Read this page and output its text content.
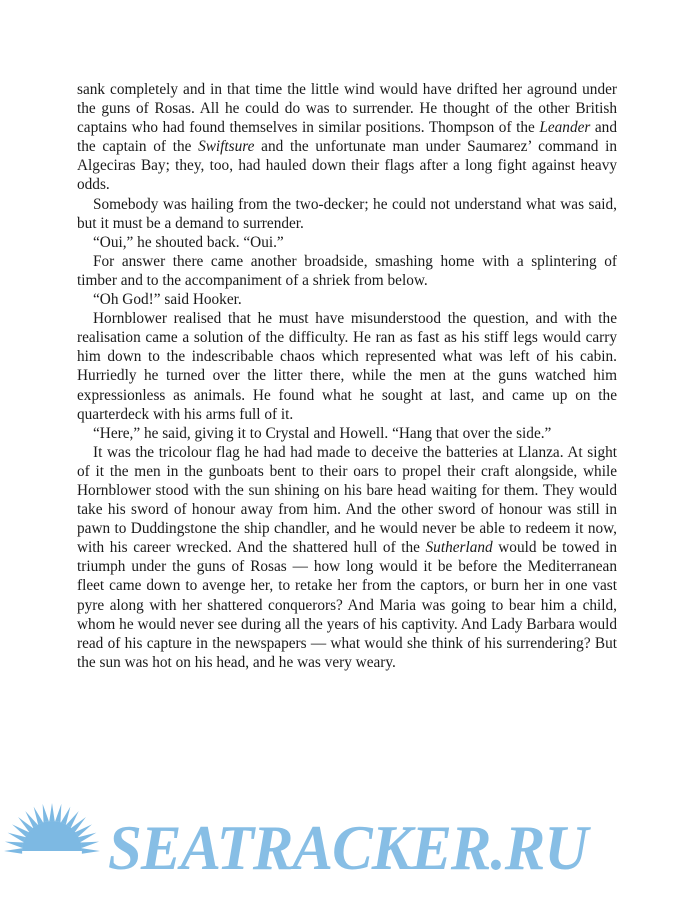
sank completely and in that time the little wind would have drifted her aground under the guns of Rosas. All he could do was to surrender. He thought of the other British captains who had found themselves in similar positions. Thompson of the Leander and the captain of the Swiftsure and the unfortunate man under Saumarez’ command in Algeciras Bay; they, too, had hauled down their flags after a long fight against heavy odds.

Somebody was hailing from the two-decker; he could not understand what was said, but it must be a demand to surrender.

“Oui,” he shouted back. “Oui.”

For answer there came another broadside, smashing home with a splintering of timber and to the accompaniment of a shriek from below.

“Oh God!” said Hooker.

Hornblower realised that he must have misunderstood the question, and with the realisation came a solution of the difficulty. He ran as fast as his stiff legs would carry him down to the indescribable chaos which represented what was left of his cabin. Hurriedly he turned over the litter there, while the men at the guns watched him expressionless as animals. He found what he sought at last, and came up on the quarterdeck with his arms full of it.

“Here,” he said, giving it to Crystal and Howell. “Hang that over the side.”

It was the tricolour flag he had had made to deceive the batteries at Llanza. At sight of it the men in the gunboats bent to their oars to propel their craft alongside, while Hornblower stood with the sun shining on his bare head waiting for them. They would take his sword of honour away from him. And the other sword of honour was still in pawn to Duddingstone the ship chandler, and he would never be able to redeem it now, with his career wrecked. And the shattered hull of the Sutherland would be towed in triumph under the guns of Rosas — how long would it be before the Mediterranean fleet came down to avenge her, to retake her from the captors, or burn her in one vast pyre along with her shattered conquerors? And Maria was going to bear him a child, whom he would never see during all the years of his captivity. And Lady Barbara would read of his capture in the newspapers — what would she think of his surrendering? But the sun was hot on his head, and he was very weary.

SEATRACKER.RU
